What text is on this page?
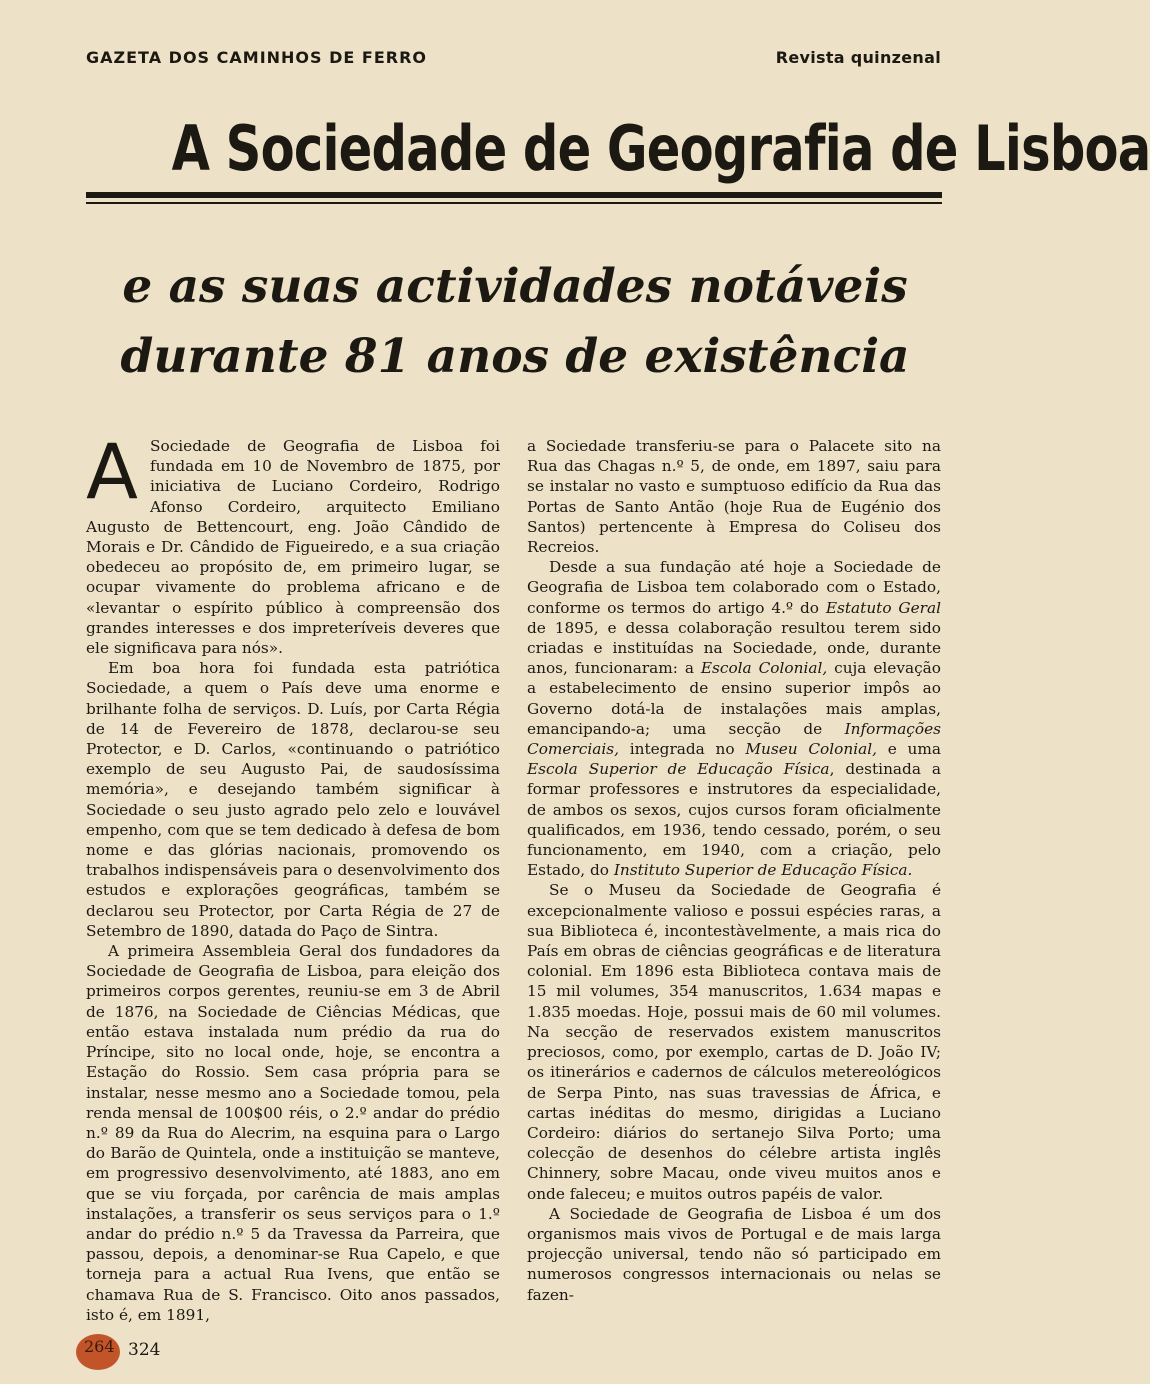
GAZETA DOS CAMINHOS DE FERRO	Revista quinzenal
A Sociedade de Geografia de Lisboa
e as suas actividades notáveis
durante 81 anos de existência

A Sociedade de Geografia de Lisboa foi fundada em 10 de Novembro de 1875, por iniciativa de Luciano Cordeiro, Rodrigo Afonso Cordeiro, arquitecto Emiliano Augusto de Bettencourt, eng. João Cândido de Morais e Dr. Cândido de Figueiredo, e a sua criação obedeceu ao propósito de, em primeiro lugar, se ocupar vivamente do problema africano e de «levantar o espírito público à compreensão dos grandes interesses e dos impreteríveis deveres que ele significava para nós».

Em boa hora foi fundada esta patriótica Sociedade, a quem o País deve uma enorme e brilhante folha de serviços. D. Luís, por Carta Régia de 14 de Fevereiro de 1878, declarou-se seu Protector, e D. Carlos, «continuando o patriótico exemplo de seu Augusto Pai, de saudosíssima memória», e desejando também significar à Sociedade o seu justo agrado pelo zelo e louvável empenho, com que se tem dedicado à defesa de bom nome e das glórias nacionais, promovendo os trabalhos indispensáveis para o desenvolvimento dos estudos e explorações geográficas, também se declarou seu Protector, por Carta Régia de 27 de Setembro de 1890, datada do Paço de Sintra.

A primeira Assembleia Geral dos fundadores da Sociedade de Geografia de Lisboa, para eleição dos primeiros corpos gerentes, reuniu-se em 3 de Abril de 1876, na Sociedade de Ciências Médicas, que então estava instalada num prédio da rua do Príncipe, sito no local onde, hoje, se encontra a Estação do Rossio. Sem casa própria para se instalar, nesse mesmo ano a Sociedade tomou, pela renda mensal de 100$00 réis, o 2.º andar do prédio n.º 89 da Rua do Alecrim, na esquina para o Largo do Barão de Quintela, onde a instituição se manteve, em progressivo desenvolvimento, até 1883, ano em que se viu forçada, por carência de mais amplas instalações, a transferir os seus serviços para o 1.º andar do prédio n.º 5 da Travessa da Parreira, que passou, depois, a denominar-se Rua Capelo, e que torneja para a actual Rua Ivens, que então se chamava Rua de S. Francisco. Oito anos passados, isto é, em 1891,

a Sociedade transferiu-se para o Palacete sito na Rua das Chagas n.º 5, de onde, em 1897, saiu para se instalar no vasto e sumptuoso edifício da Rua das Portas de Santo Antão (hoje Rua de Eugénio dos Santos) pertencente à Empresa do Coliseu dos Recreios.

Desde a sua fundação até hoje a Sociedade de Geografia de Lisboa tem colaborado com o Estado, conforme os termos do artigo 4.º do Estatuto Geral de 1895, e dessa colaboração resultou terem sido criadas e instituídas na Sociedade, onde, durante anos, funcionaram: a Escola Colonial, cuja elevação a estabelecimento de ensino superior impôs ao Governo dotá-la de instalações mais amplas, emancipando-a; uma secção de Informações Comerciais, integrada no Museu Colonial, e uma Escola Superior de Educação Física, destinada a formar professores e instrutores da especialidade, de ambos os sexos, cujos cursos foram oficialmente qualificados, em 1936, tendo cessado, porém, o seu funcionamento, em 1940, com a criação, pelo Estado, do Instituto Superior de Educação Física.

Se o Museu da Sociedade de Geografia é excepcionalmente valioso e possui espécies raras, a sua Biblioteca é, incontestàvelmente, a mais rica do País em obras de ciências geográficas e de literatura colonial. Em 1896 esta Biblioteca contava mais de 15 mil volumes, 354 manuscritos, 1.634 mapas e 1.835 moedas. Hoje, possui mais de 60 mil volumes. Na secção de reservados existem manuscritos preciosos, como, por exemplo, cartas de D. João IV; os itinerários e cadernos de cálculos metereológicos de Serpa Pinto, nas suas travessias de África, e cartas inéditas do mesmo, dirigidas a Luciano Cordeiro: diários do sertanejo Silva Porto; uma colecção de desenhos do célebre artista inglês Chinnery, sobre Macau, onde viveu muitos anos e onde faleceu; e muitos outros papéis de valor.

A Sociedade de Geografia de Lisboa é um dos organismos mais vivos de Portugal e de mais larga projecção universal, tendo não só participado em numerosos congressos internacionais ou nelas se fazen-

264 324
